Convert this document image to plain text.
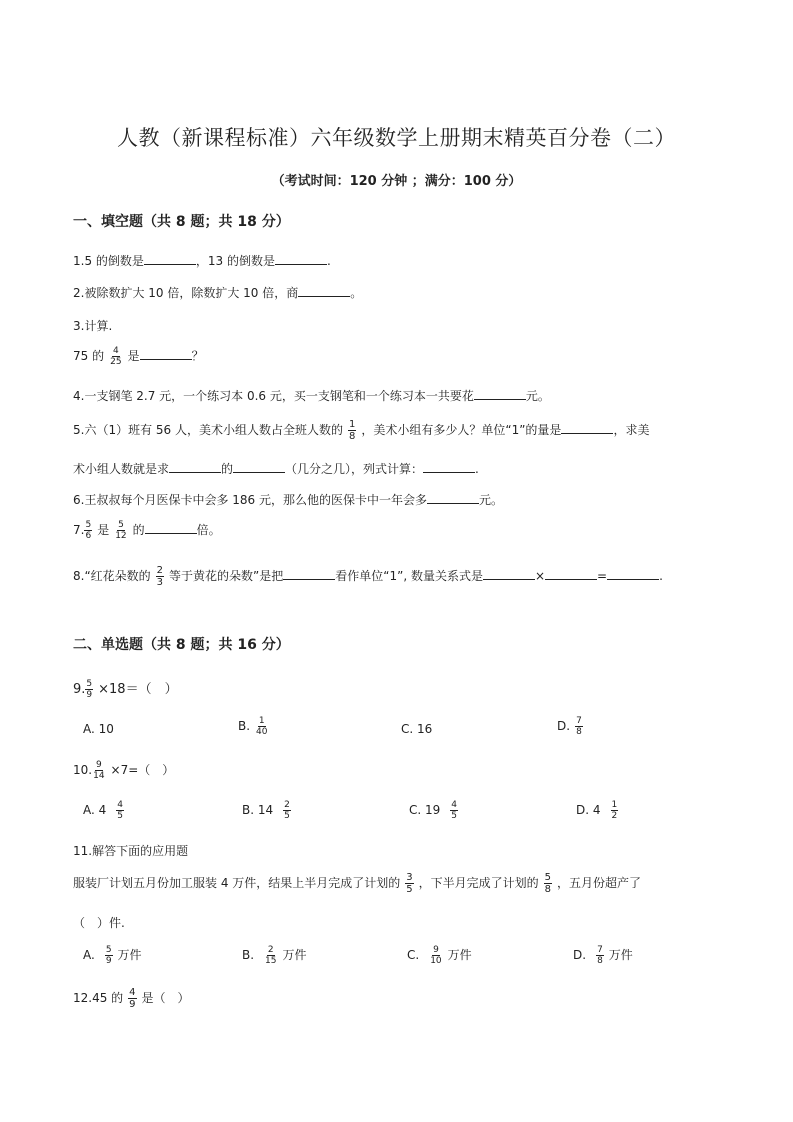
人教（新课程标准）六年级数学上册期末精英百分卷（二）
（考试时间：120 分钟 ；满分：100 分）
一、填空题（共 8 题；共 18 分）
1.5 的倒数是	，13 的倒数是	.
2.被除数扩大 10 倍，除数扩大 10 倍，商	。
3.计算.
75 的 $\frac{4}{25}$ 是	？
4.一支钢笔 2.7 元，一个练习本 0.6 元，买一支钢笔和一个练习本一共要花	元。
5.六（1）班有 56 人，美术小组人数占全班人数的 $\frac{1}{8}$ ，美术小组有多少人？单位“1”的量是	，求美
术小组人数就是求	的	（几分之几），列式计算：	.
6.王叔叔每个月医保卡中会多 186 元，那么他的医保卡中一年会多	元。
7. $\frac{5}{6}$ 是 $\frac{5}{12}$ 的	倍。
8.“红花朵数的 $\frac{2}{3}$ 等于黄花的朵数”是把	看作单位“1”, 数量关系式是	×	=	.
二、单选题（共 8 题；共 16 分）
9. $\frac{5}{9} \times 18=$（　）
A. 10	B. $\frac{1}{40}$	C. 16	D. $\frac{7}{8}$
10. $\frac{9}{14} \times 7=$（　）
A. $4 \frac{4}{5}$	B. $14 \frac{2}{5}$	C. $19 \frac{4}{5}$	D. $4 \frac{1}{2}$
11.解答下面的应用题
服装厂计划五月份加工服装 4 万件，结果上半月完成了计划的 $\frac{3}{5}$ ，下半月完成了计划的 $\frac{5}{8}$ ，五月份超产了
（　）件.
A. $\frac{5}{9}$ 万件	B. $\frac{2}{15}$ 万件	C. $\frac{9}{10}$ 万件	D. $\frac{7}{8}$ 万件
12.45 的 $\frac{4}{9}$ 是（　）
